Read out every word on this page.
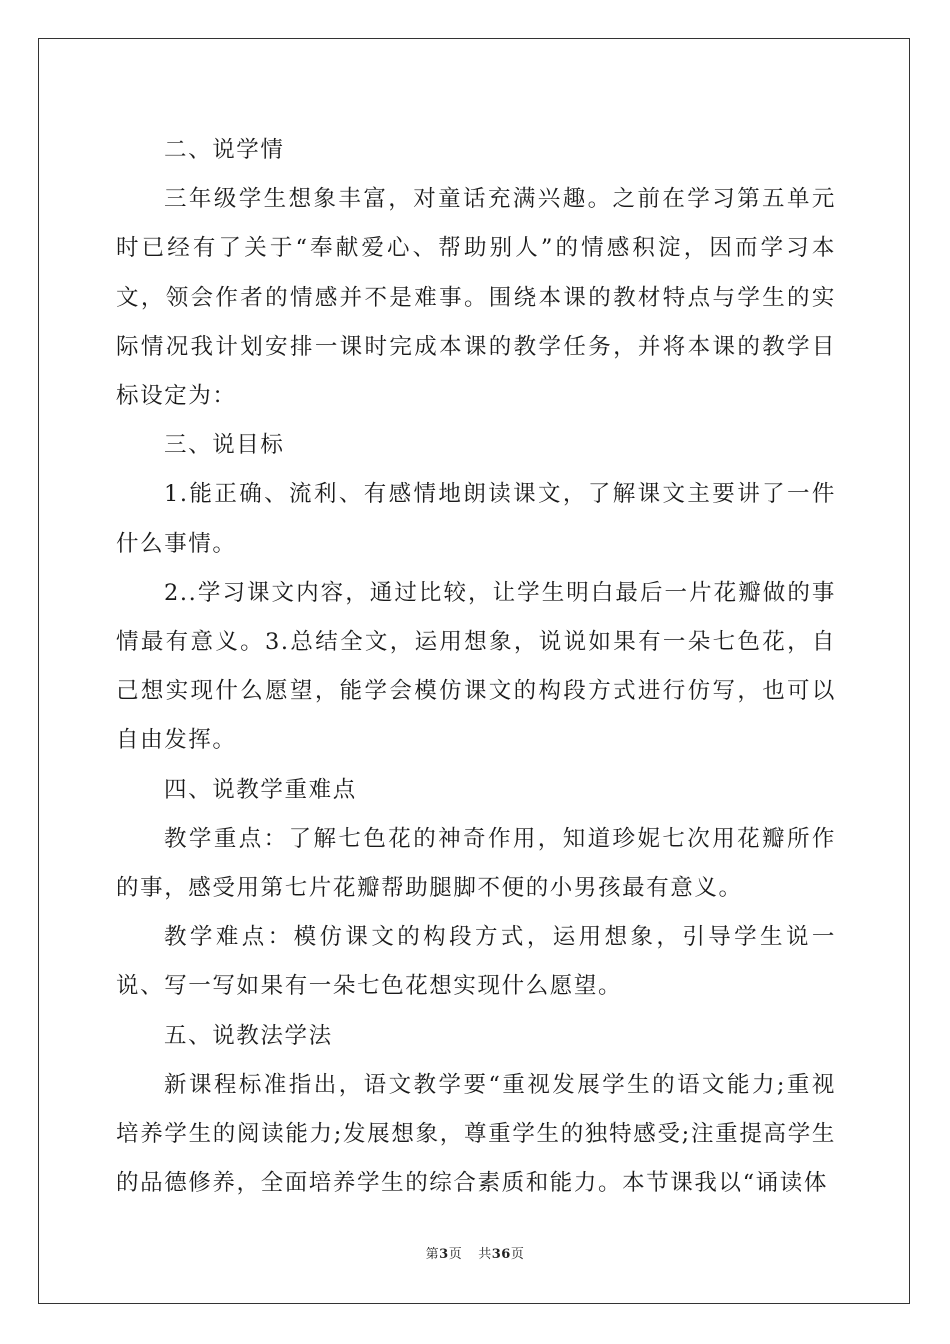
二、说学情

三年级学生想象丰富，对童话充满兴趣。之前在学习第五单元时已经有了关于“奉献爱心、帮助别人”的情感积淀，因而学习本文，领会作者的情感并不是难事。围绕本课的教材特点与学生的实际情况我计划安排一课时完成本课的教学任务，并将本课的教学目标设定为：

三、说目标

1.能正确、流利、有感情地朗读课文，了解课文主要讲了一件什么事情。

2..学习课文内容，通过比较，让学生明白最后一片花瓣做的事情最有意义。3.总结全文，运用想象，说说如果有一朵七色花，自己想实现什么愿望，能学会模仿课文的构段方式进行仿写，也可以自由发挥。

四、说教学重难点

教学重点：了解七色花的神奇作用，知道珍妮七次用花瓣所作的事，感受用第七片花瓣帮助腿脚不便的小男孩最有意义。

教学难点：模仿课文的构段方式，运用想象，引导学生说一说、写一写如果有一朵七色花想实现什么愿望。

五、说教法学法

新课程标准指出，语文教学要“重视发展学生的语文能力;重视培养学生的阅读能力;发展想象，尊重学生的独特感受;注重提高学生的品德修养，全面培养学生的综合素质和能力。本节课我以“诵读体

第3页 共36页
